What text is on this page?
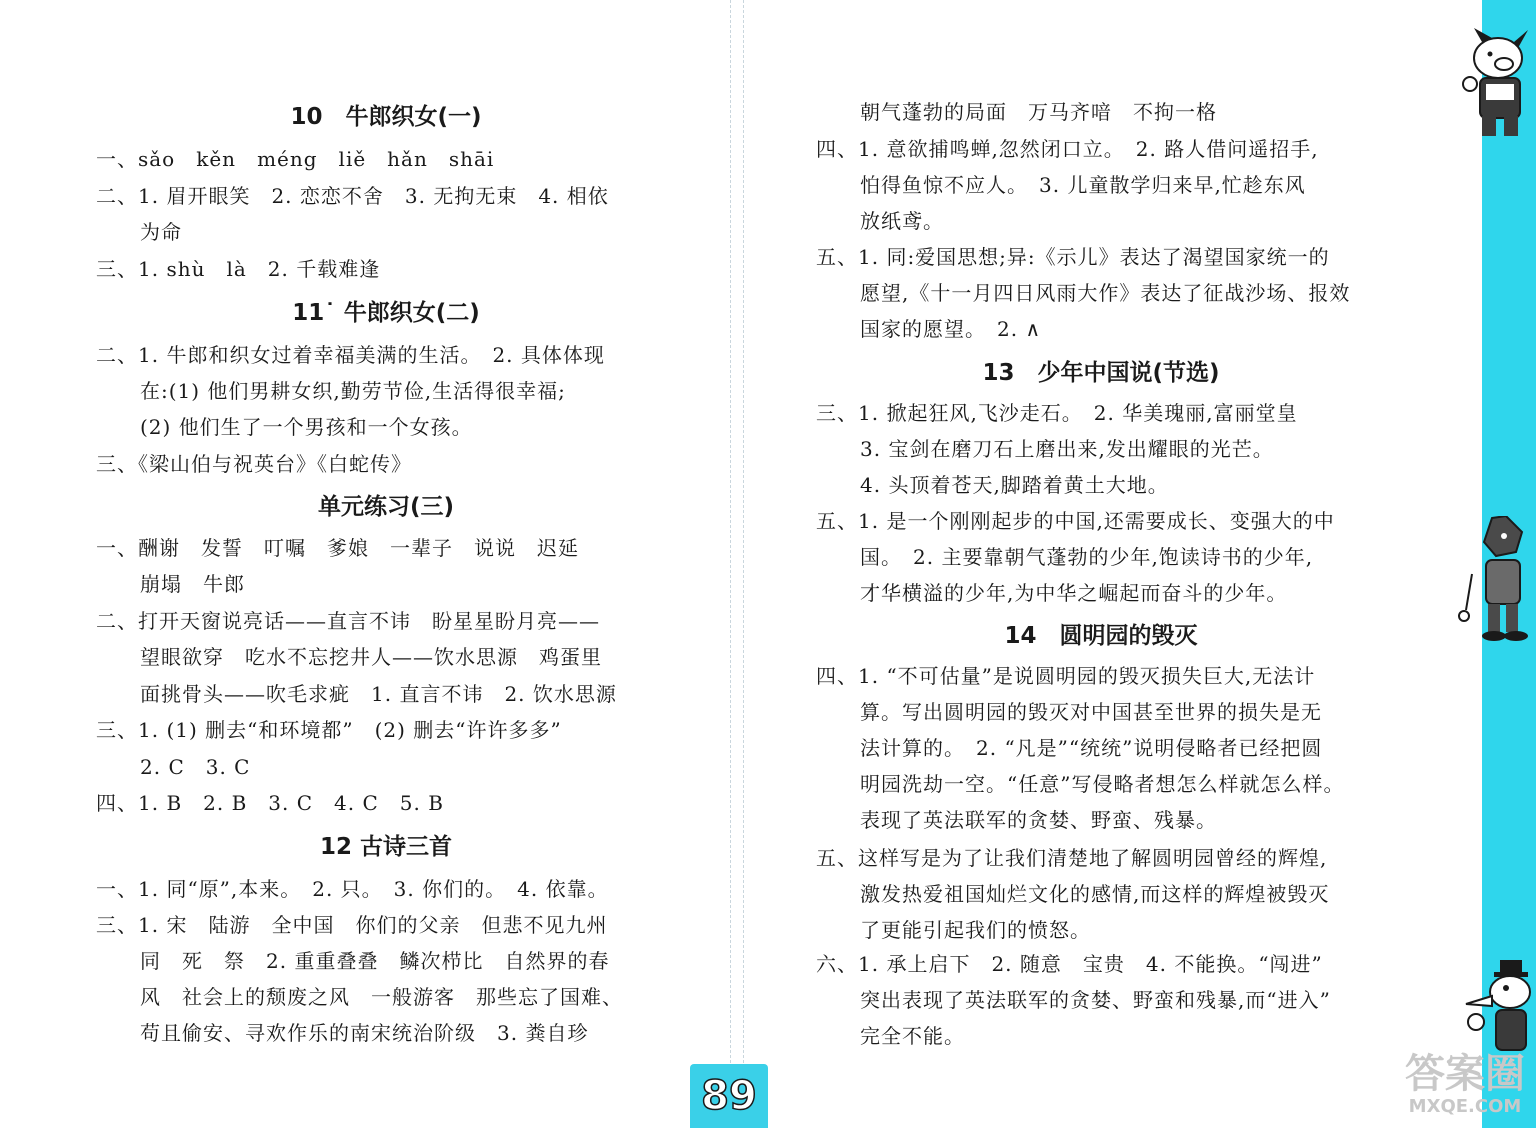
10　牛郎织女(一)
一、sǎo　kěn　méng　liě　hǎn　shāi
二、1. 眉开眼笑　2. 恋恋不舍　3. 无拘无束　4. 相依
为命
三、1. shù　là　2. 千载难逢
11˙ 牛郎织女(二)
二、1. 牛郎和织女过着幸福美满的生活。　2. 具体体现
在:(1) 他们男耕女织,勤劳节俭,生活得很幸福;
(2) 他们生了一个男孩和一个女孩。
三、《梁山伯与祝英台》《白蛇传》
单元练习(三)
一、酬谢　发誓　叮嘱　爹娘　一辈子　说说　迟延
崩塌　牛郎
二、打开天窗说亮话——直言不讳　盼星星盼月亮——
望眼欲穿　吃水不忘挖井人——饮水思源　鸡蛋里
面挑骨头——吹毛求疵　1. 直言不讳　2. 饮水思源
三、1. (1) 删去“和环境都”　(2) 删去“许许多多”
2. C　3. C
四、1. B　2. B　3. C　4. C　5. B
12 古诗三首
一、1. 同“原”,本来。　2. 只。　3. 你们的。　4. 依靠。
三、1. 宋　陆游　全中国　你们的父亲　但悲不见九州
同　死　祭　2. 重重叠叠　鳞次栉比　自然界的春
风　社会上的颓废之风　一般游客　那些忘了国难、
苟且偷安、寻欢作乐的南宋统治阶级　3. 粪自珍
89
朝气蓬勃的局面　万马齐喑　不拘一格
四、1. 意欲捕鸣蝉,忽然闭口立。　2. 路人借问遥招手,
怕得鱼惊不应人。　3. 儿童散学归来早,忙趁东风
放纸鸢。
五、1. 同:爱国思想;异:《示儿》表达了渴望国家统一的
愿望,《十一月四日风雨大作》表达了征战沙场、报效
国家的愿望。　2. ∧
13　少年中国说(节选)
三、1. 掀起狂风,飞沙走石。　2. 华美瑰丽,富丽堂皇
3. 宝剑在磨刀石上磨出来,发出耀眼的光芒。
4. 头顶着苍天,脚踏着黄土大地。
五、1. 是一个刚刚起步的中国,还需要成长、变强大的中
国。　2. 主要靠朝气蓬勃的少年,饱读诗书的少年,
才华横溢的少年,为中华之崛起而奋斗的少年。
14　圆明园的毁灭
四、1. “不可估量”是说圆明园的毁灭损失巨大,无法计
算。写出圆明园的毁灭对中国甚至世界的损失是无
法计算的。　2. “凡是”“统统”说明侵略者已经把圆
明园洗劫一空。“任意”写侵略者想怎么样就怎么样。
表现了英法联军的贪婪、野蛮、残暴。
五、这样写是为了让我们清楚地了解圆明园曾经的辉煌,
激发热爱祖国灿烂文化的感情,而这样的辉煌被毁灭
了更能引起我们的愤怒。
六、1. 承上启下　2. 随意　宝贵　4. 不能换。“闯进”
突出表现了英法联军的贪婪、野蛮和残暴,而“进入”
完全不能。
答案圈
MXQE.COM
